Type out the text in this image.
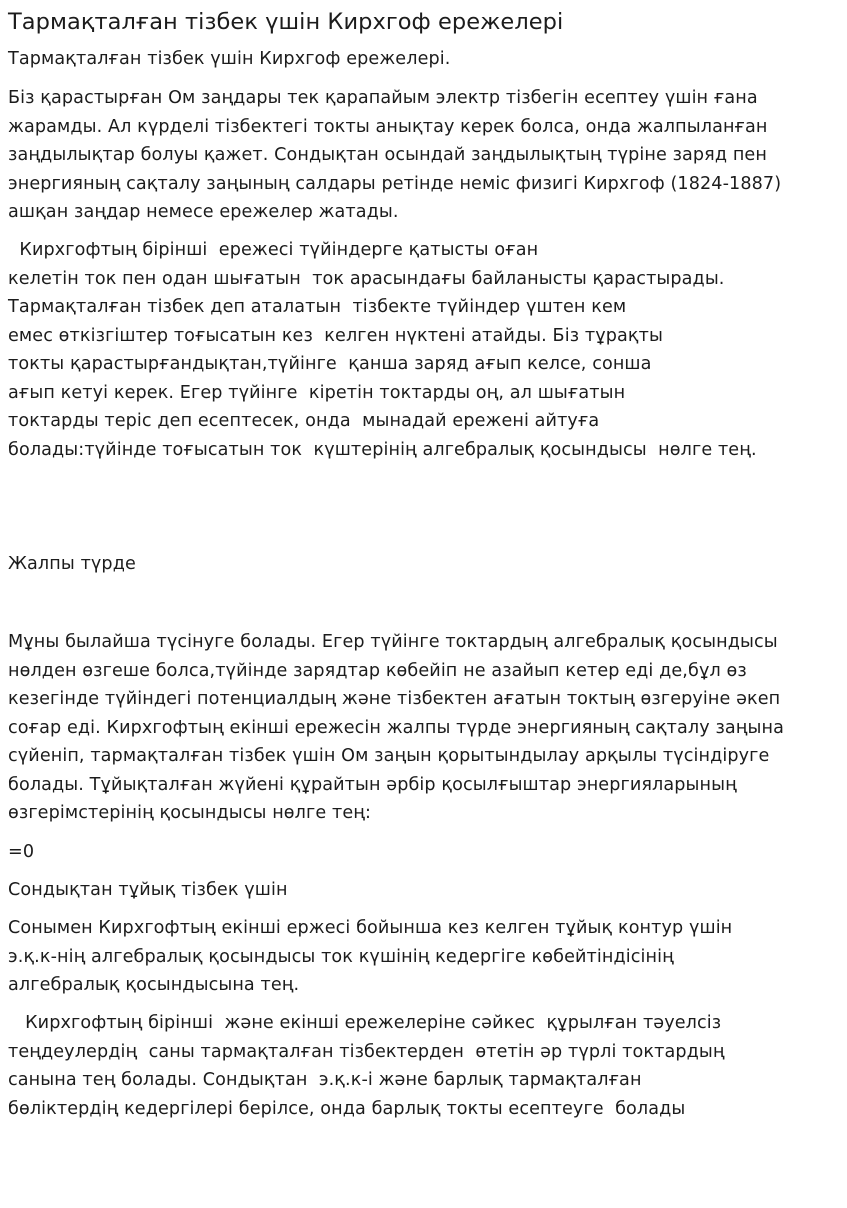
Тармақталған тізбек үшін Кирхгоф ережелері

Тармақталған тізбек үшін Кирхгоф ережелері.

Біз қарастырған Ом заңдары тек қарапайым электр тізбегін есептеу үшін ғана
жарамды. Ал күрделі тізбектегі токты анықтау керек болса, онда жалпыланған
заңдылықтар болуы қажет. Сондықтан осындай заңдылықтың түріне заряд пен
энергияның сақталу заңының салдары ретінде неміс физигі Кирхгоф (1824-1887)
ашқан заңдар немесе ережелер жатады.

Кирхгофтың бірінші  ережесі түйіндерге қатысты оған
келетін ток пен одан шығатын  ток арасындағы байланысты қарастырады.
Тармақталған тізбек деп аталатын  тізбекте түйіндер үштен кем
емес өткізгіштер тоғысатын кез  келген нүктені атайды. Біз тұрақты
токты қарастырғандықтан,түйінге  қанша заряд ағып келсе, сонша
ағып кетуі керек. Егер түйінге  кіретін токтарды оң, ал шығатын
токтарды теріс деп есептесек, онда  мынадай ережені айтуға
болады:түйінде тоғысатын ток  күштерінің алгебралық қосындысы  нөлге тең.

Жалпы түрде

Мұны былайша түсінуге болады. Егер түйінге токтардың алгебралық қосындысы
нөлден өзгеше болса,түйінде зарядтар көбейіп не азайып кетер еді де,бұл өз
кезегінде түйіндегі потенциалдың және тізбектен ағатын токтың өзгеруіне әкеп
соғар еді. Кирхгофтың екінші ережесін жалпы түрде энергияның сақталу заңына
сүйеніп, тармақталған тізбек үшін Ом заңын қорытындылау арқылы түсіндіруге
болады. Тұйықталған жүйені құрайтын әрбір қосылғыштар энергияларының
өзгерімстерінің қосындысы нөлге тең:

=0

Сондықтан тұйық тізбек үшін

Сонымен Кирхгофтың екінші ержесі бойынша кез келген тұйық контур үшін
э.қ.к-нің алгебралық қосындысы ток күшінің кедергіге көбейтіндісінің
алгебралық қосындысына тең.

Кирхгофтың бірінші  және екінші ережелеріне сәйкес  құрылған тәуелсіз
теңдеулердің  саны тармақталған тізбектерден  өтетін әр түрлі токтардың
санына тең болады. Сондықтан  э.қ.к-і және барлық тармақталған
бөліктердің кедергілері берілсе, онда барлық токты есептеуге  болады
